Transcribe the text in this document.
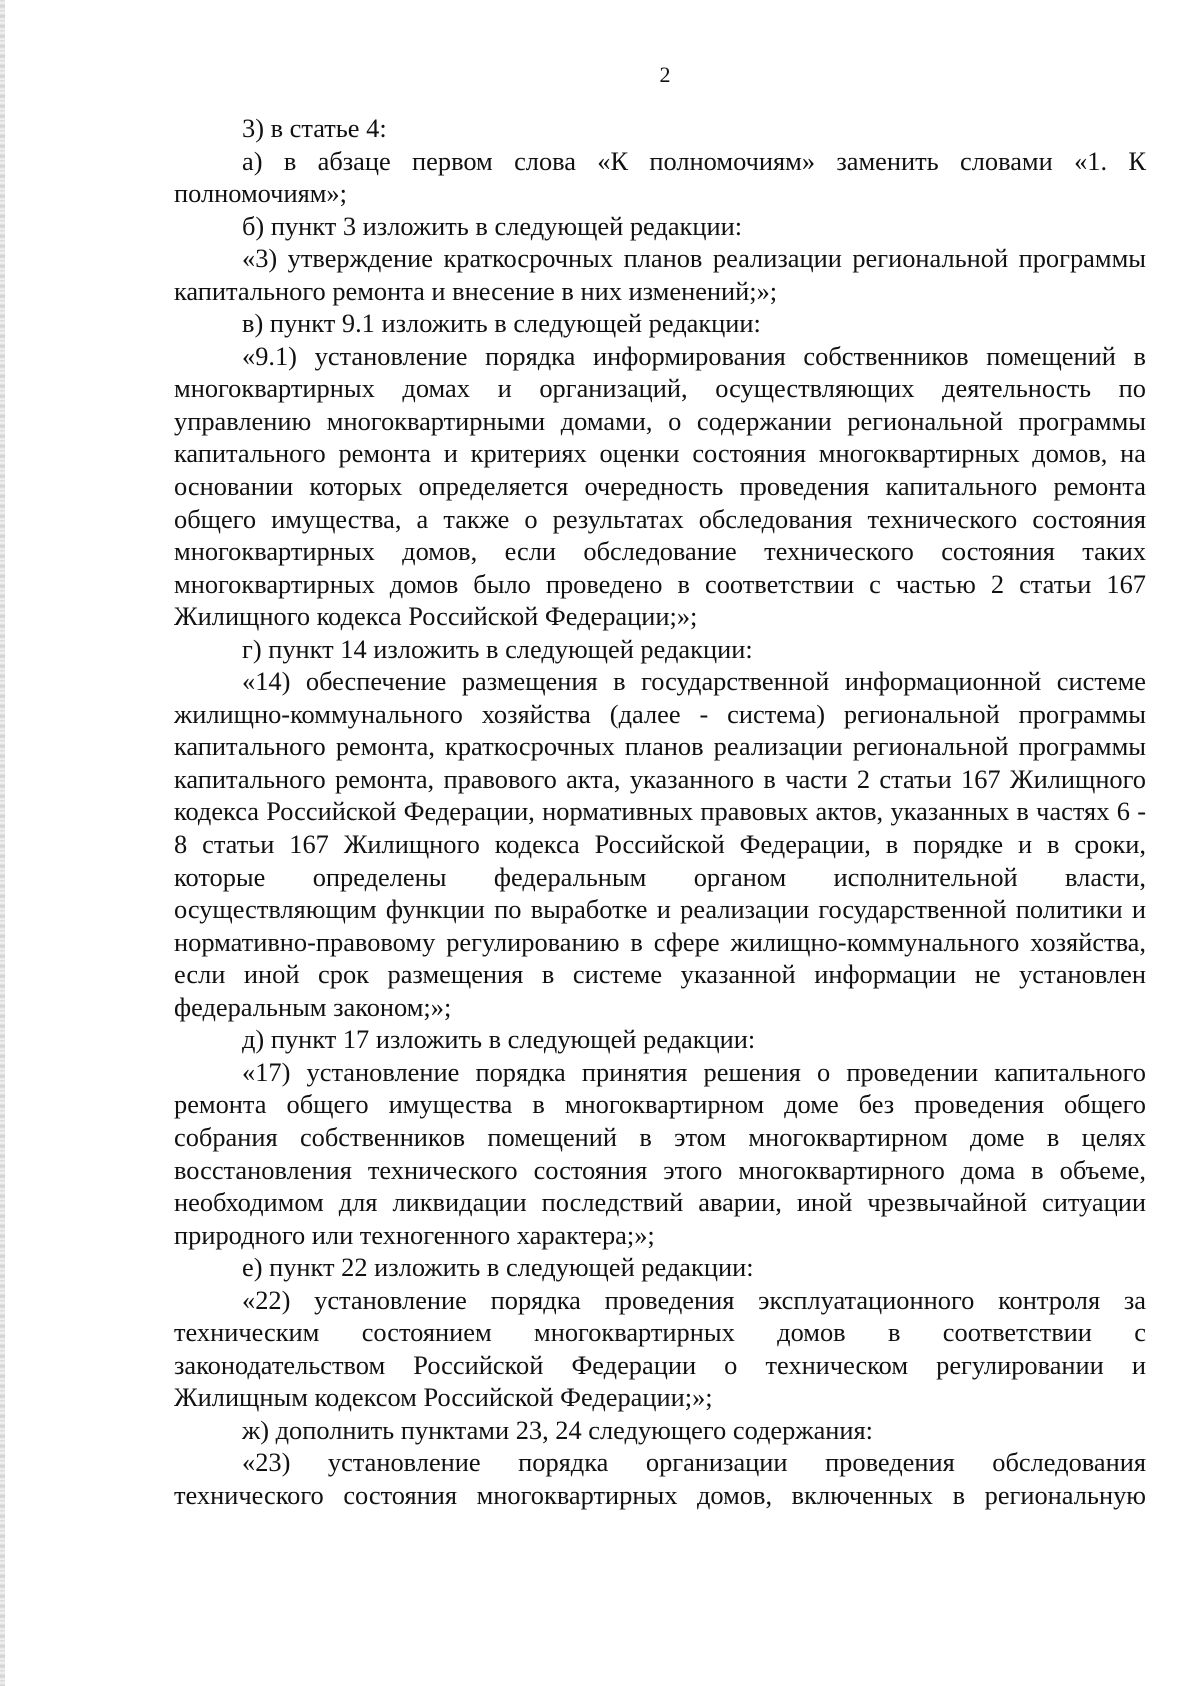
2

3) в статье 4:

а) в абзаце первом слова «К полномочиям» заменить словами «1. К полномочиям»;

б) пункт 3 изложить в следующей редакции:

«3) утверждение краткосрочных планов реализации региональной программы капитального ремонта и внесение в них изменений;»;

в) пункт 9.1 изложить в следующей редакции:

«9.1) установление порядка информирования собственников помещений в многоквартирных домах и организаций, осуществляющих деятельность по управлению многоквартирными домами, о содержании региональной программы капитального ремонта и критериях оценки состояния многоквартирных домов, на основании которых определяется очередность проведения капитального ремонта общего имущества, а также о результатах обследования технического состояния многоквартирных домов, если обследование технического состояния таких многоквартирных домов было проведено в соответствии с частью 2 статьи 167 Жилищного кодекса Российской Федерации;»;

г) пункт 14 изложить в следующей редакции:

«14) обеспечение размещения в государственной информационной системе жилищно-коммунального хозяйства (далее - система) региональной программы капитального ремонта, краткосрочных планов реализации региональной программы капитального ремонта, правового акта, указанного в части 2 статьи 167 Жилищного кодекса Российской Федерации, нормативных правовых актов, указанных в частях 6 - 8 статьи 167 Жилищного кодекса Российской Федерации, в порядке и в сроки, которые определены федеральным органом исполнительной власти, осуществляющим функции по выработке и реализации государственной политики и нормативно-правовому регулированию в сфере жилищно-коммунального хозяйства, если иной срок размещения в системе указанной информации не установлен федеральным законом;»;

д) пункт 17 изложить в следующей редакции:

«17) установление порядка принятия решения о проведении капитального ремонта общего имущества в многоквартирном доме без проведения общего собрания собственников помещений в этом многоквартирном доме в целях восстановления технического состояния этого многоквартирного дома в объеме, необходимом для ликвидации последствий аварии, иной чрезвычайной ситуации природного или техногенного характера;»;

е) пункт 22 изложить в следующей редакции:

«22) установление порядка проведения эксплуатационного контроля за техническим состоянием многоквартирных домов в соответствии с законодательством Российской Федерации о техническом регулировании и Жилищным кодексом Российской Федерации;»;

ж) дополнить пунктами 23, 24 следующего содержания:

«23) установление порядка организации проведения обследования технического состояния многоквартирных домов, включенных в региональную
